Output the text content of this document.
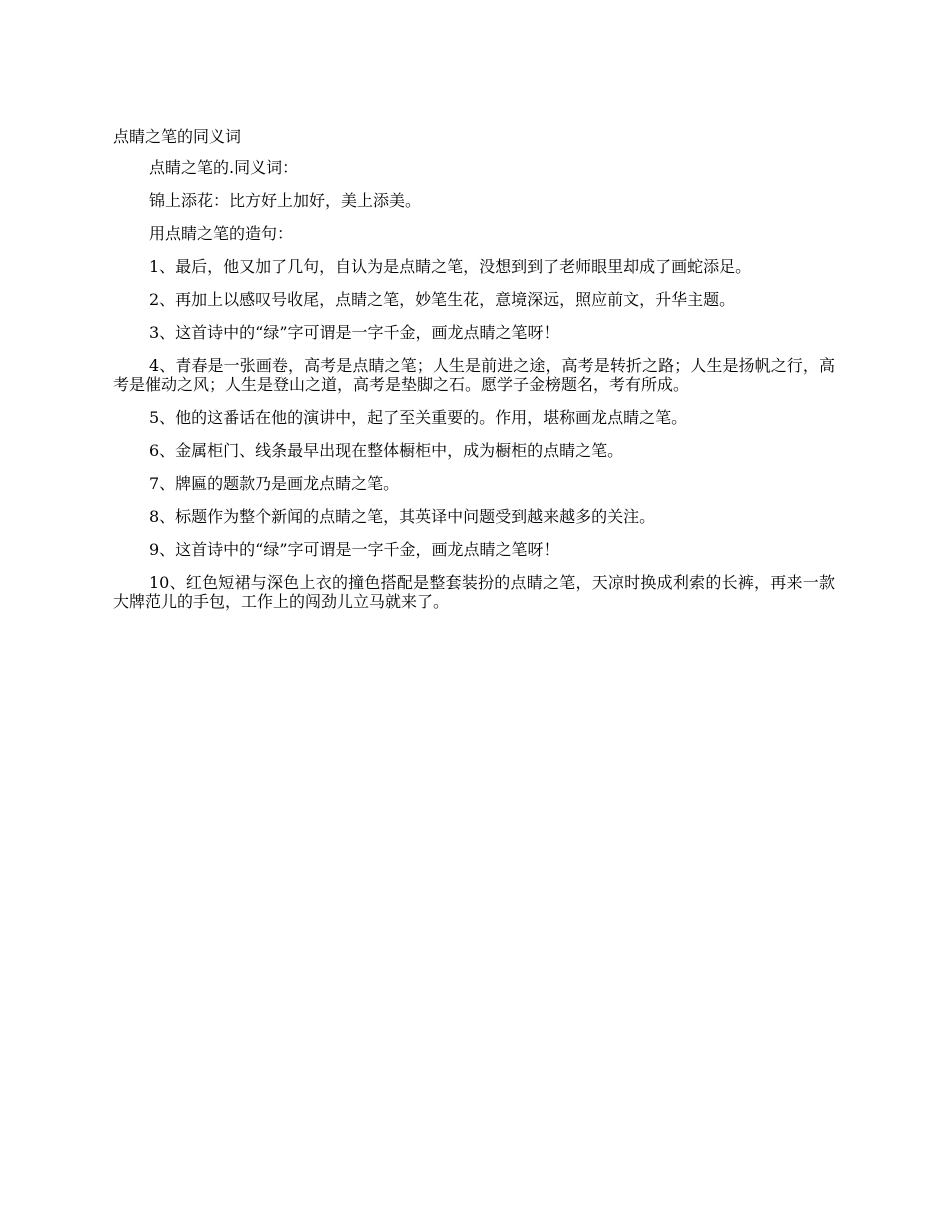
点睛之笔的同义词

点睛之笔的.同义词：

锦上添花：比方好上加好，美上添美。

用点睛之笔的造句：

1、最后，他又加了几句，自认为是点睛之笔，没想到到了老师眼里却成了画蛇添足。

2、再加上以感叹号收尾，点睛之笔，妙笔生花，意境深远，照应前文，升华主题。

3、这首诗中的“绿”字可谓是一字千金，画龙点睛之笔呀！

4、青春是一张画卷，高考是点睛之笔；人生是前进之途，高考是转折之路；人生是扬帆之行，高考是催动之风；人生是登山之道，高考是垫脚之石。愿学子金榜题名，考有所成。

5、他的这番话在他的演讲中，起了至关重要的。作用，堪称画龙点睛之笔。

6、金属柜门、线条最早出现在整体橱柜中，成为橱柜的点睛之笔。

7、牌匾的题款乃是画龙点睛之笔。

8、标题作为整个新闻的点睛之笔，其英译中问题受到越来越多的关注。

9、这首诗中的“绿”字可谓是一字千金，画龙点睛之笔呀！

10、红色短裙与深色上衣的撞色搭配是整套装扮的点睛之笔，天凉时换成利索的长裤，再来一款大牌范儿的手包，工作上的闯劲儿立马就来了。
